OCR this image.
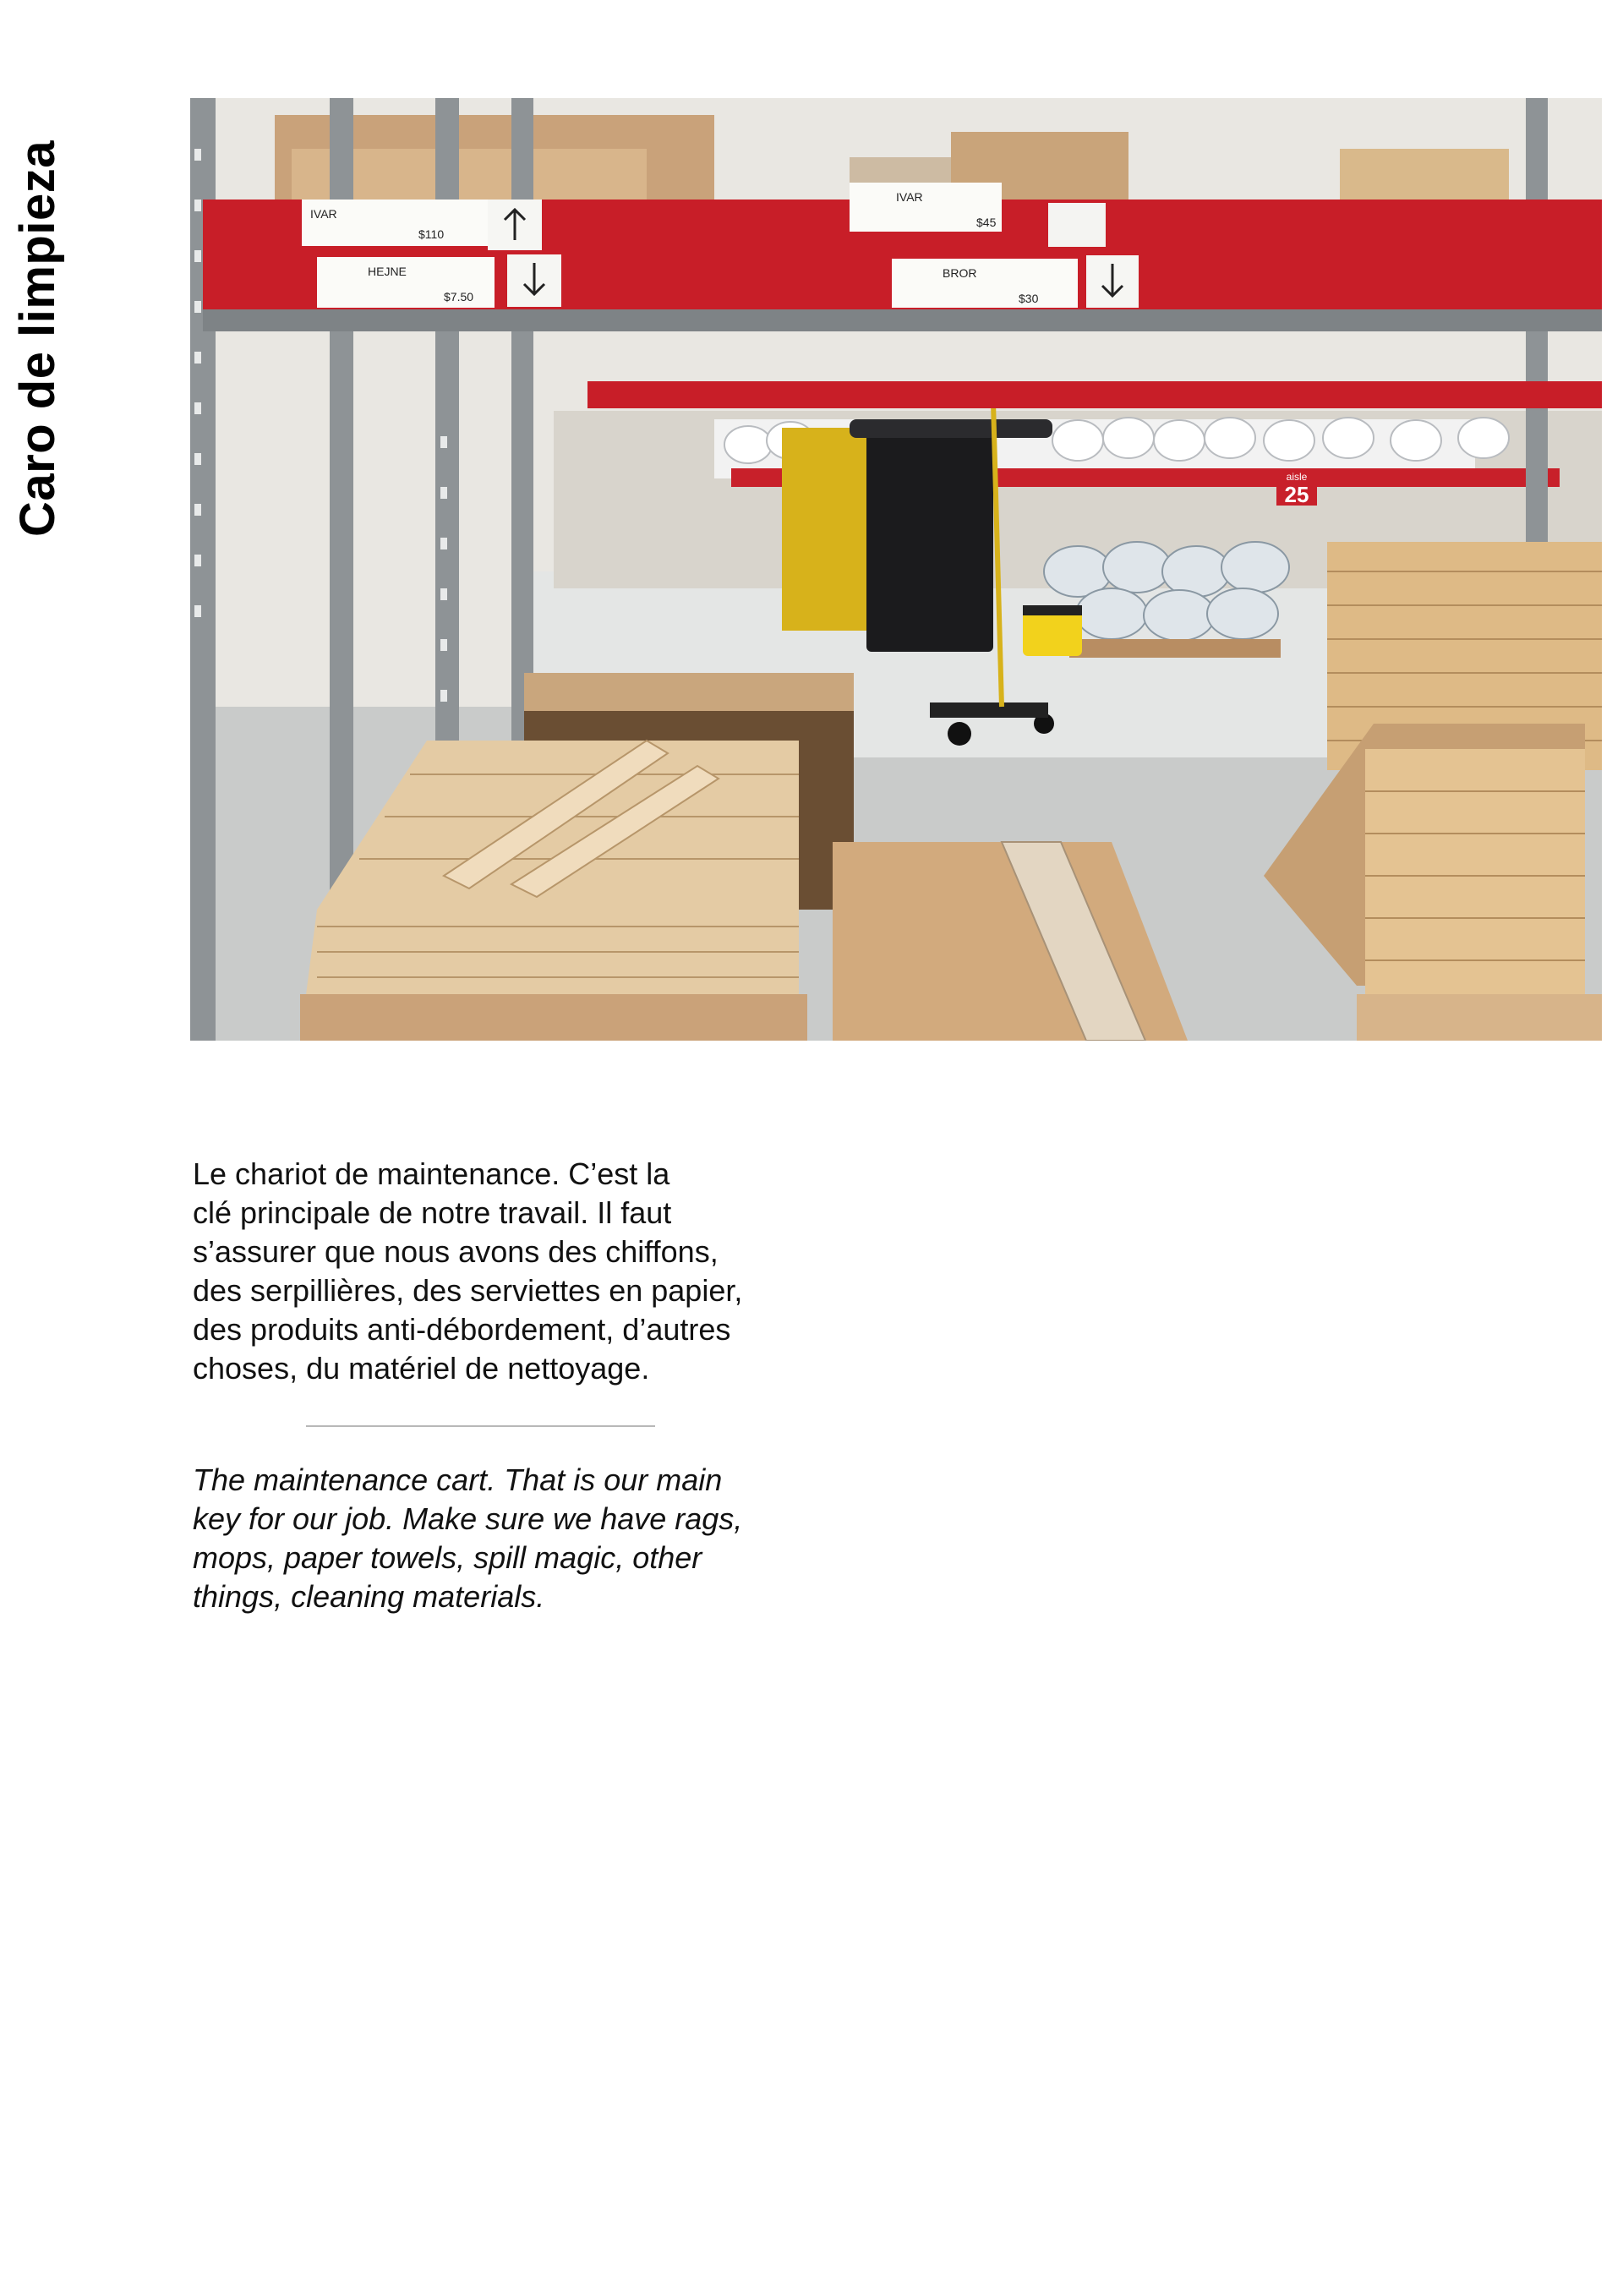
Caro de limpieza	aisle
25
IVAR
$110
HEJNE
$7.50
IVAR
$45
BROR
$30
Le chariot de maintenance. C’est la
clé principale de notre travail. Il faut
s’assurer que nous avons des chiffons,
des serpillières, des serviettes en papier,
des produits anti-débordement, d’autres
choses, du matériel de nettoyage.
The maintenance cart. That is our main
key for our job. Make sure we have rags,
mops, paper towels, spill magic, other
things, cleaning materials.
